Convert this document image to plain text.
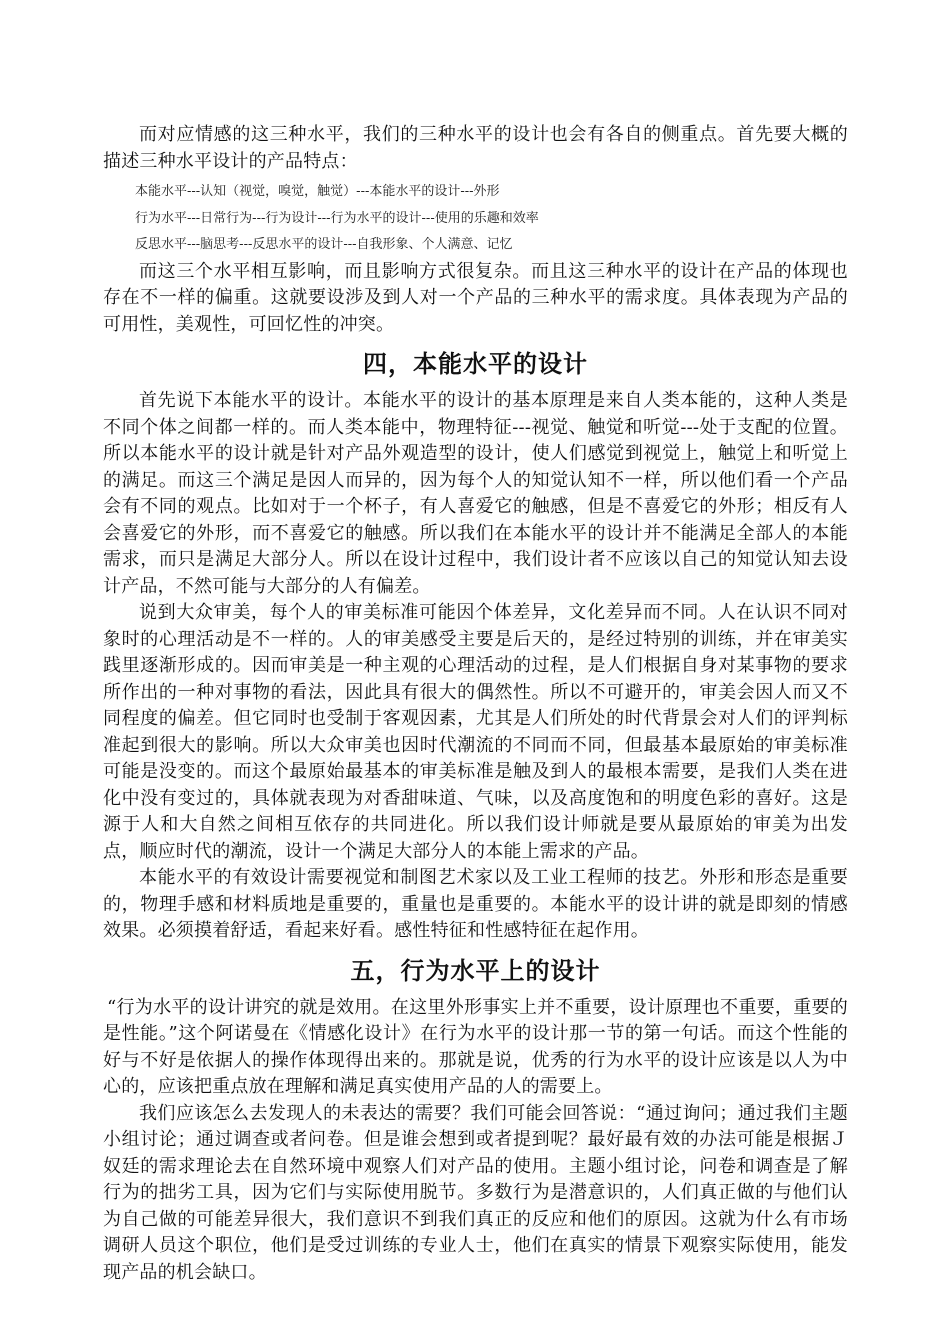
而对应情感的这三种水平，我们的三种水平的设计也会有各自的侧重点。首先要大概的描述三种水平设计的产品特点：

本能水平---认知（视觉，嗅觉，触觉）---本能水平的设计---外形
行为水平---日常行为---行为设计---行为水平的设计---使用的乐趣和效率
反思水平---脑思考---反思水平的设计---自我形象、个人满意、记忆

而这三个水平相互影响，而且影响方式很复杂。而且这三种水平的设计在产品的体现也存在不一样的偏重。这就要设涉及到人对一个产品的三种水平的需求度。具体表现为产品的可用性，美观性，可回忆性的冲突。

四，本能水平的设计

首先说下本能水平的设计。本能水平的设计的基本原理是来自人类本能的，这种人类是不同个体之间都一样的。而人类本能中，物理特征---视觉、触觉和听觉---处于支配的位置。所以本能水平的设计就是针对产品外观造型的设计，使人们感觉到视觉上，触觉上和听觉上的满足。而这三个满足是因人而异的，因为每个人的知觉认知不一样，所以他们看一个产品会有不同的观点。比如对于一个杯子，有人喜爱它的触感，但是不喜爱它的外形；相反有人会喜爱它的外形，而不喜爱它的触感。所以我们在本能水平的设计并不能满足全部人的本能需求，而只是满足大部分人。所以在设计过程中，我们设计者不应该以自己的知觉认知去设计产品，不然可能与大部分的人有偏差。

说到大众审美，每个人的审美标准可能因个体差异，文化差异而不同。人在认识不同对象时的心理活动是不一样的。人的审美感受主要是后天的，是经过特别的训练，并在审美实践里逐渐形成的。因而审美是一种主观的心理活动的过程，是人们根据自身对某事物的要求所作出的一种对事物的看法，因此具有很大的偶然性。所以不可避开的，审美会因人而又不同程度的偏差。但它同时也受制于客观因素，尤其是人们所处的时代背景会对人们的评判标准起到很大的影响。所以大众审美也因时代潮流的不同而不同，但最基本最原始的审美标准可能是没变的。而这个最原始最基本的审美标准是触及到人的最根本需要，是我们人类在进化中没有变过的，具体就表现为对香甜味道、气味，以及高度饱和的明度色彩的喜好。这是源于人和大自然之间相互依存的共同进化。所以我们设计师就是要从最原始的审美为出发点，顺应时代的潮流，设计一个满足大部分人的本能上需求的产品。

本能水平的有效设计需要视觉和制图艺术家以及工业工程师的技艺。外形和形态是重要的，物理手感和材料质地是重要的，重量也是重要的。本能水平的设计讲的就是即刻的情感效果。必须摸着舒适，看起来好看。感性特征和性感特征在起作用。

五，行为水平上的设计

“行为水平的设计讲究的就是效用。在这里外形事实上并不重要，设计原理也不重要，重要的是性能。”这个阿诺曼在《情感化设计》在行为水平的设计那一节的第一句话。而这个性能的好与不好是依据人的操作体现得出来的。那就是说，优秀的行为水平的设计应该是以人为中心的，应该把重点放在理解和满足真实使用产品的人的需要上。

我们应该怎么去发现人的未表达的需要？我们可能会回答说：“通过询问；通过我们主题小组讨论；通过调查或者问卷。但是谁会想到或者提到呢？最好最有效的办法可能是根据Ｊ奴廷的需求理论去在自然环境中观察人们对产品的使用。主题小组讨论，问卷和调查是了解行为的拙劣工具，因为它们与实际使用脱节。多数行为是潜意识的，人们真正做的与他们认为自己做的可能差异很大，我们意识不到我们真正的反应和他们的原因。这就为什么有市场调研人员这个职位，他们是受过训练的专业人士，他们在真实的情景下观察实际使用，能发现产品的机会缺口。
